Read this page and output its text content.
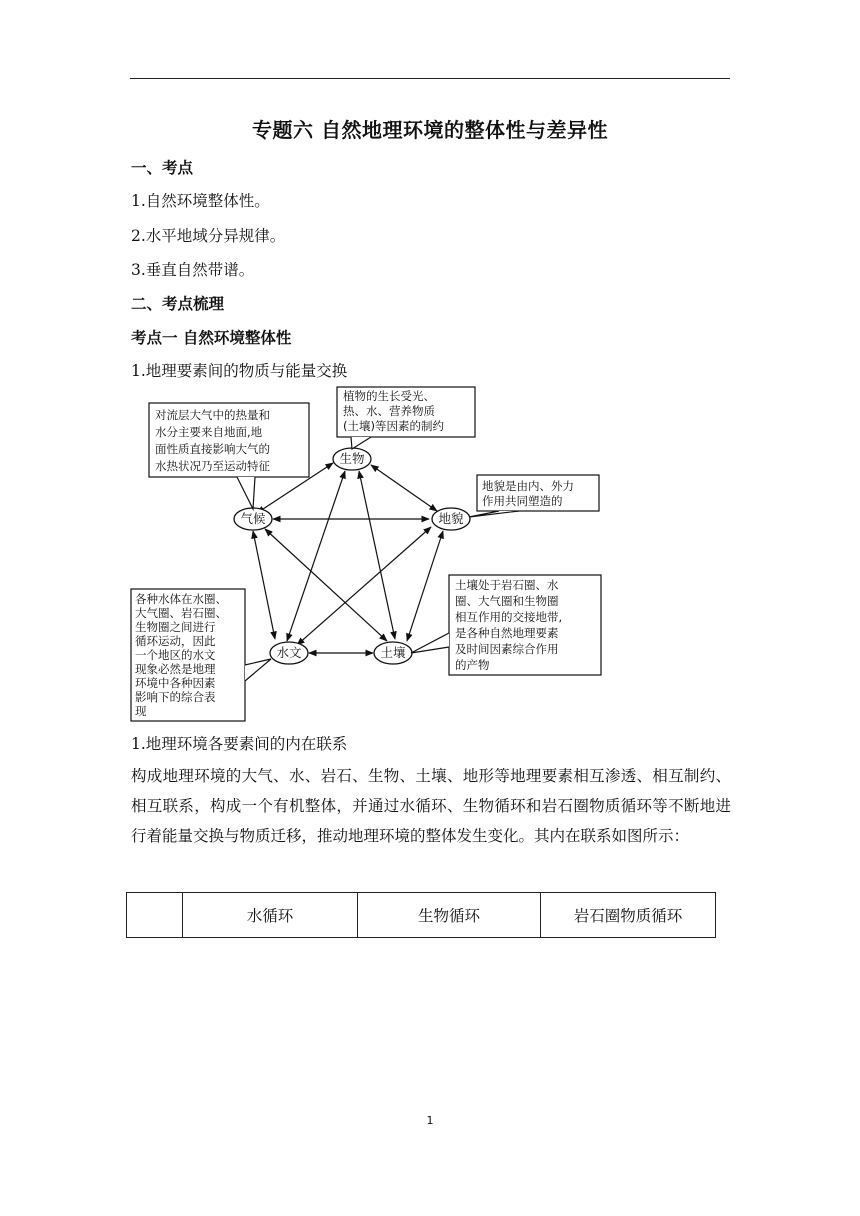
专题六 自然地理环境的整体性与差异性
一、考点
1.自然环境整体性。
2.水平地域分异规律。
3.垂直自然带谱。
二、考点梳理
考点一 自然环境整体性
1.地理要素间的物质与能量交换
生物
气候	地貌
水文	土壤
对流层大气中的热量和
水分主要来自地面,地
面性质直接影响大气的
水热状况乃至运动特征
植物的生长受光、
热、水、营养物质
(土壤)等因素的制约
地貌是由内、外力
作用共同塑造的
各种水体在水圈、
大气圈、岩石圈、
生物圈之间进行
循环运动，因此
一个地区的水文
现象必然是地理
环境中各种因素
影响下的综合表
现
土壤处于岩石圈、水
圈、大气圈和生物圈
相互作用的交接地带,
是各种自然地理要素
及时间因素综合作用
的产物
1.地理环境各要素间的内在联系
构成地理环境的大气、水、岩石、生物、土壤、地形等地理要素相互渗透、相互制约、相互联系，构成一个有机整体，并通过水循环、生物循环和岩石圈物质循环等不断地进行着能量交换与物质迁移，推动地理环境的整体发生变化。其内在联系如图所示：
	水循环	生物循环	岩石圈物质循环
1
